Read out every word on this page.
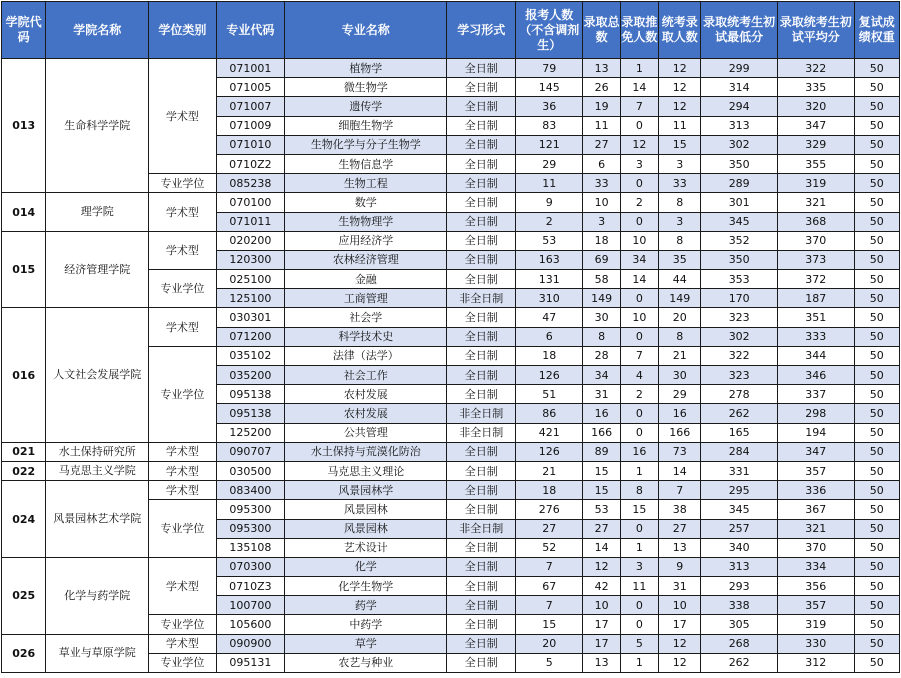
学院代码	学院名称	学位类别	专业代码	专业名称	学习形式	报考人数（不含调剂生）	录取总数	录取推免人数	统考录取人数	录取统考生初试最低分	录取统考生初试平均分	复试成绩权重
013	生命科学学院	学术型	071001	植物学	全日制	79	13	1	12	299	322	50
			071005	微生物学	全日制	145	26	14	12	314	335	50
			071007	遗传学	全日制	36	19	7	12	294	320	50
			071009	细胞生物学	全日制	83	11	0	11	313	347	50
			071010	生物化学与分子生物学	全日制	121	27	12	15	302	329	50
			0710Z2	生物信息学	全日制	29	6	3	3	350	355	50
		专业学位	085238	生物工程	全日制	11	33	0	33	289	319	50
014	理学院	学术型	070100	数学	全日制	9	10	2	8	301	321	50
			071011	生物物理学	全日制	2	3	0	3	345	368	50
015	经济管理学院	学术型	020200	应用经济学	全日制	53	18	10	8	352	370	50
			120300	农林经济管理	全日制	163	69	34	35	350	373	50
		专业学位	025100	金融	全日制	131	58	14	44	353	372	50
			125100	工商管理	非全日制	310	149	0	149	170	187	50
016	人文社会发展学院	学术型	030301	社会学	全日制	47	30	10	20	323	351	50
			071200	科学技术史	全日制	6	8	0	8	302	333	50
		专业学位	035102	法律（法学）	全日制	18	28	7	21	322	344	50
			035200	社会工作	全日制	126	34	4	30	323	346	50
			095138	农村发展	全日制	51	31	2	29	278	337	50
			095138	农村发展	非全日制	86	16	0	16	262	298	50
			125200	公共管理	非全日制	421	166	0	166	165	194	50
021	水土保持研究所	学术型	090707	水土保持与荒漠化防治	全日制	126	89	16	73	284	347	50
022	马克思主义学院	学术型	030500	马克思主义理论	全日制	21	15	1	14	331	357	50
024	风景园林艺术学院	学术型	083400	风景园林学	全日制	18	15	8	7	295	336	50
		专业学位	095300	风景园林	全日制	276	53	15	38	345	367	50
			095300	风景园林	非全日制	27	27	0	27	257	321	50
			135108	艺术设计	全日制	52	14	1	13	340	370	50
025	化学与药学院	学术型	070300	化学	全日制	7	12	3	9	313	334	50
			0710Z3	化学生物学	全日制	67	42	11	31	293	356	50
			100700	药学	全日制	7	10	0	10	338	357	50
		专业学位	105600	中药学	全日制	15	17	0	17	305	319	50
026	草业与草原学院	学术型	090900	草学	全日制	20	17	5	12	268	330	50
		专业学位	095131	农艺与种业	全日制	5	13	1	12	262	312	50
